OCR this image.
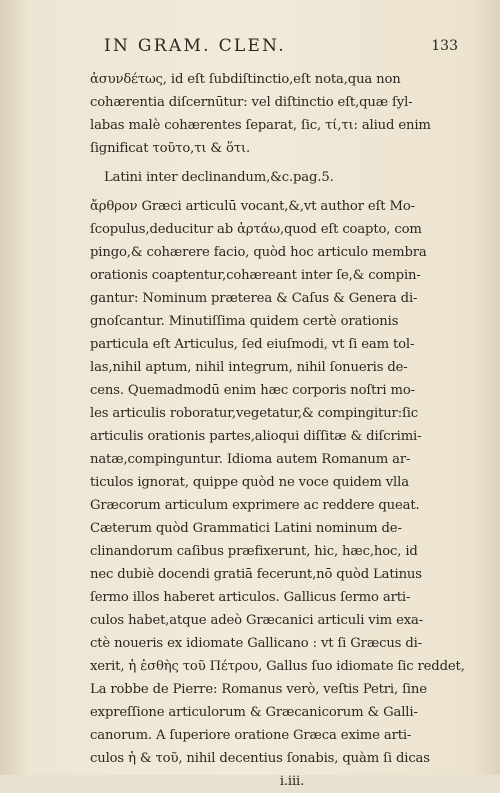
IN GRAM. CLEN.	133
ἀσυνδέτως, id eſt ſubdiſtinctio,eſt nota,qua non
cohærentia diſcernūtur: vel diſtinctio eſt,quæ ſyl-
labas malè cohærentes ſeparat, ſic, τί,τι: aliud enim
ſignificat τοῦτο,τι & ὅτι.
Latini inter declinandum,&c.pag.5.
ἄρθρον Græci articulū vocant,&,vt author eſt Mo-
ſcopulus,deducitur ab ἀρτάω,quod eſt coapto, com
pingo,& cohærere facio, quòd hoc articulo membra
orationis coaptentur,cohæreant inter ſe,& compin-
gantur: Nominum præterea & Caſus & Genera di-
gnoſcantur. Minutiſſima quidem certè orationis
particula eſt Articulus, ſed eiuſmodi, vt ſi eam tol-
las,nihil aptum, nihil integrum, nihil ſonueris de-
cens. Quemadmodū enim hæc corporis noſtri mo-
les articulis roboratur,vegetatur,& compingitur:ſic
articulis orationis partes,alioqui diſſitæ & diſcrimi-
natæ,compinguntur. Idioma autem Romanum ar-
ticulos ignorat, quippe quòd ne voce quidem vlla
Græcorum articulum exprimere ac reddere queat.
Cæterum quòd Grammatici Latini nominum de-
clinandorum caſibus præfixerunt, hic, hæc,hoc, id
nec dubiè docendi gratiā fecerunt,nō quòd Latinus
ſermo illos haberet articulos. Gallicus ſermo arti-
culos habet,atque adeò Græcanici articuli vim exa-
ctè noueris ex idiomate Gallicano : vt ſi Græcus di-
xerit, ἡ ἐσθὴς τοῦ Πέτρου, Gallus ſuo idiomate ſic reddet,
La robbe de Pierre: Romanus verò, veſtis Petri, ſine
expreſſione articulorum & Græcanicorum & Galli-
canorum. A ſuperiore oratione Græca exime arti-
culos ἡ & τοῦ, nihil decentius ſonabis, quàm ſi dicas
i.iii.
